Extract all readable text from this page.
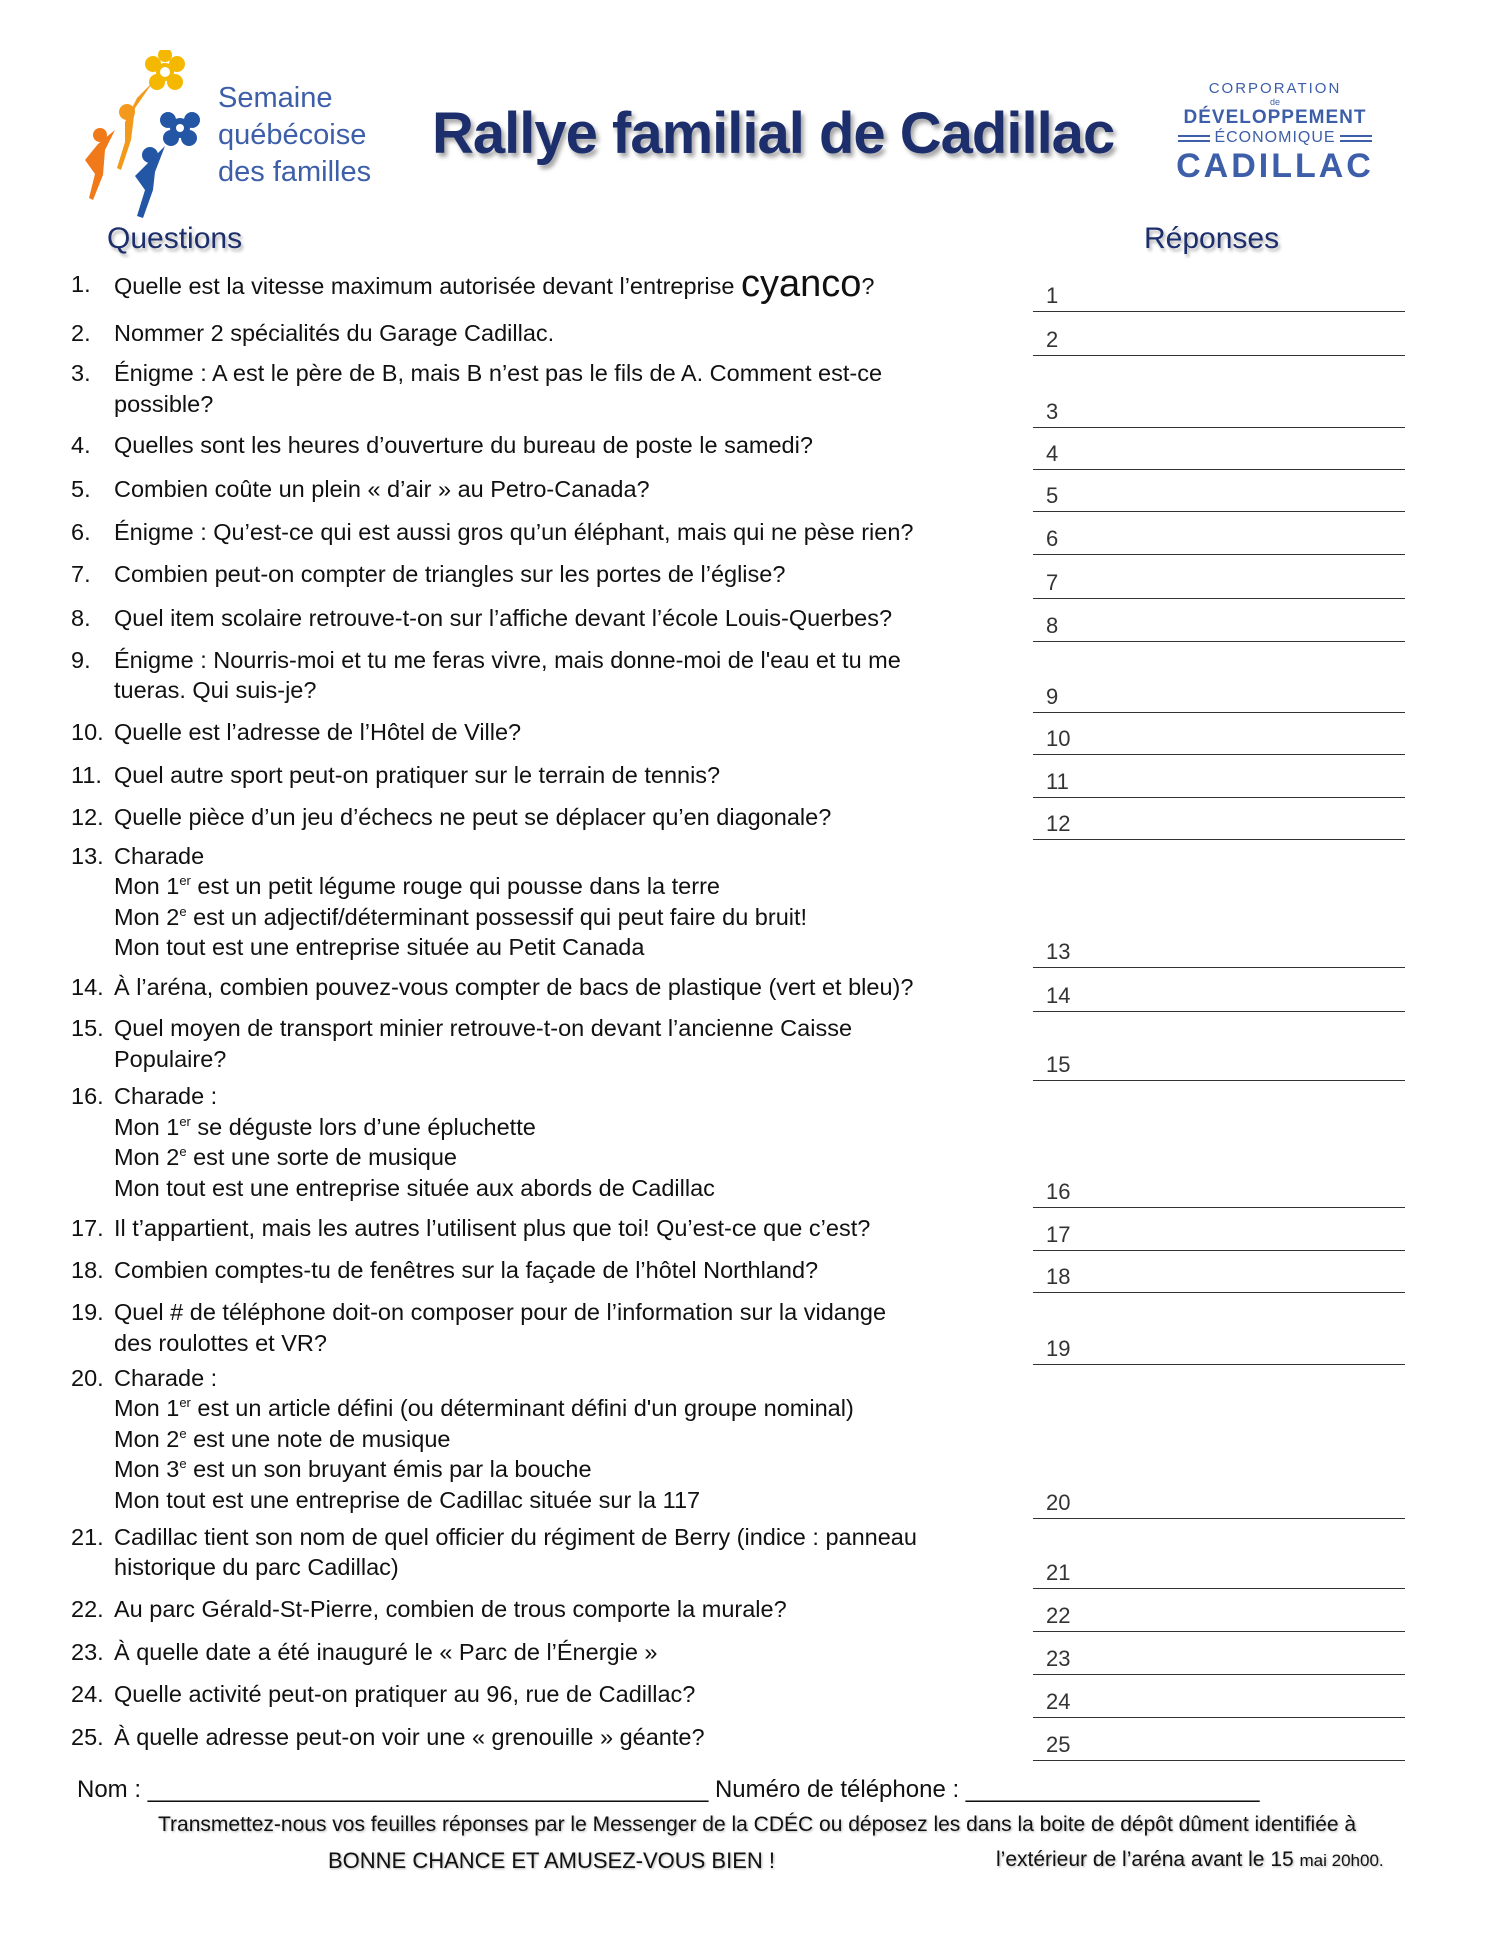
Semaine
québécoise
des familles
Rallye familial de Cadillac
CORPORATION
de
DÉVELOPPEMENT
ÉCONOMIQUE
CADILLAC
Questions	Réponses
1. Quelle est la vitesse maximum autorisée devant l’entreprise cyanco?	1
2. Nommer 2 spécialités du Garage Cadillac.	2
3. Énigme : A est le père de B, mais B n’est pas le fils de A. Comment est-ce
possible?	3
4. Quelles sont les heures d’ouverture du bureau de poste le samedi?	4
5. Combien coûte un plein « d’air » au Petro-Canada?	5
6. Énigme : Qu’est-ce qui est aussi gros qu’un éléphant, mais qui ne pèse rien?	6
7. Combien peut-on compter de triangles sur les portes de l’église?	7
8. Quel item scolaire retrouve-t-on sur l’affiche devant l’école Louis-Querbes?	8
9. Énigme : Nourris-moi et tu me feras vivre, mais donne-moi de l'eau et tu me
tueras. Qui suis-je?	9
10. Quelle est l’adresse de l’Hôtel de Ville?	10
11. Quel autre sport peut-on pratiquer sur le terrain de tennis?	11
12. Quelle pièce d’un jeu d’échecs ne peut se déplacer qu’en diagonale?	12
13. Charade
Mon 1er est un petit légume rouge qui pousse dans la terre
Mon 2e est un adjectif/déterminant possessif qui peut faire du bruit!
Mon tout est une entreprise située au Petit Canada	13
14. À l’aréna, combien pouvez-vous compter de bacs de plastique (vert et bleu)?	14
15. Quel moyen de transport minier retrouve-t-on devant l’ancienne Caisse
Populaire?	15
16. Charade :
Mon 1er se déguste lors d’une épluchette
Mon 2e est une sorte de musique
Mon tout est une entreprise située aux abords de Cadillac	16
17. Il t’appartient, mais les autres l’utilisent plus que toi! Qu’est-ce que c’est?	17
18. Combien comptes-tu de fenêtres sur la façade de l’hôtel Northland?	18
19. Quel # de téléphone doit-on composer pour de l’information sur la vidange
des roulottes et VR?	19
20. Charade :
Mon 1er est un article défini (ou déterminant défini d'un groupe nominal)
Mon 2e est une note de musique
Mon 3e est un son bruyant émis par la bouche
Mon tout est une entreprise de Cadillac située sur la 117	20
21. Cadillac tient son nom de quel officier du régiment de Berry (indice : panneau
historique du parc Cadillac)	21
22. Au parc Gérald-St-Pierre, combien de trous comporte la murale?	22
23. À quelle date a été inauguré le « Parc de l’Énergie »	23
24. Quelle activité peut-on pratiquer au 96, rue de Cadillac?	24
25. À quelle adresse peut-on voir une « grenouille » géante?	25
Nom : __________________________________________ Numéro de téléphone : ______________________
Transmettez-nous vos feuilles réponses par le Messenger de la CDÉC ou déposez les dans la boite de dépôt dûment identifiée à
BONNE CHANCE ET AMUSEZ-VOUS BIEN !	l’extérieur de l’aréna avant le 15 mai 20h00.
